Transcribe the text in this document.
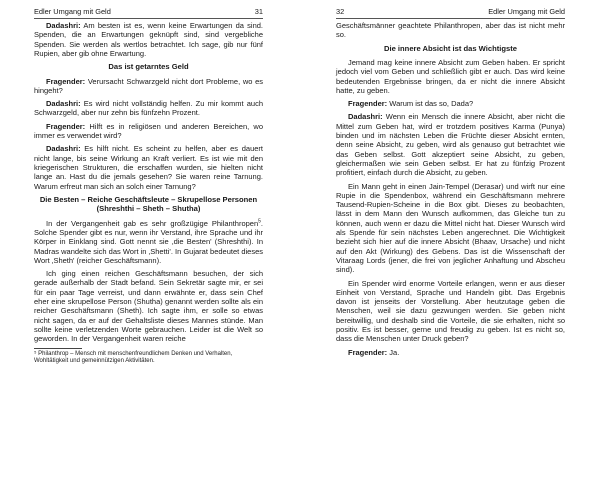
Edler Umgang mit Geld	31

Dadashri: Am besten ist es, wenn keine Erwartungen da sind. Spenden, die an Erwartungen geknüpft sind, sind vergebliche Spenden. Sie werden als wertlos betrachtet. Ich sage, gib nur fünf Rupien, aber gib ohne Erwartung.

Das ist getarntes Geld

Fragender: Verursacht Schwarzgeld nicht dort Probleme, wo es hingeht?

Dadashri: Es wird nicht vollständig helfen. Zu mir kommt auch Schwarzgeld, aber nur zehn bis fünfzehn Prozent.

Fragender: Hilft es in religiösen und anderen Bereichen, wo immer es verwendet wird?

Dadashri: Es hilft nicht. Es scheint zu helfen, aber es dauert nicht lange, bis seine Wirkung an Kraft verliert. Es ist wie mit den kriegerischen Strukturen, die erschaffen wurden, sie hielten nicht lange an. Hast du die jemals gesehen? Sie waren reine Tarnung. Warum erfreut man sich an solch einer Tarnung?

Die Besten – Reiche Geschäftsleute – Skrupellose Personen (Shreshthi – Sheth – Shutha)

In der Vergangenheit gab es sehr großzügige Philanthropen$^5$. Solche Spender gibt es nur, wenn ihr Verstand, ihre Sprache und ihr Körper in Einklang sind. Gott nennt sie ‚die Besten' (Shreshthi). In Madras wandelte sich das Wort in ‚Shetti'. In Gujarat bedeutet dieses Wort ‚Sheth' (reicher Geschäftsmann).

Ich ging einen reichen Geschäftsmann besuchen, der sich gerade außerhalb der Stadt befand. Sein Sekretär sagte mir, er sei für ein paar Tage verreist, und dann erwähnte er, dass sein Chef eher eine skrupellose Person (Shutha) genannt werden sollte als ein reicher Geschäftsmann (Sheth). Ich sagte ihm, er solle so etwas nicht sagen, da er auf der Gehaltsliste dieses Mannes stünde. Man sollte keine verletzenden Worte gebrauchen. Leider ist die Welt so geworden. In der Vergangenheit waren reiche

⁵ Philanthrop – Mensch mit menschenfreundlichem Denken und Verhalten, Wohltätigkeit und gemeinnützigen Aktivitäten.

32	Edler Umgang mit Geld

Geschäftsmänner geachtete Philanthropen, aber das ist nicht mehr so.

Die innere Absicht ist das Wichtigste

Jemand mag keine innere Absicht zum Geben haben. Er spricht jedoch viel vom Geben und schließlich gibt er auch. Das wird keine bedeutenden Ergebnisse bringen, da er nicht die innere Absicht hatte, zu geben.

Fragender: Warum ist das so, Dada?

Dadashri: Wenn ein Mensch die innere Absicht, aber nicht die Mittel zum Geben hat, wird er trotzdem positives Karma (Punya) binden und im nächsten Leben die Früchte dieser Absicht ernten, denn seine Absicht, zu geben, wird als genauso gut betrachtet wie das Geben selbst. Gott akzeptiert seine Absicht, zu geben, gleichermaßen wie sein Geben selbst. Er hat zu fünfzig Prozent profitiert, einfach durch die Absicht, zu geben.

Ein Mann geht in einen Jain-Tempel (Derasar) und wirft nur eine Rupie in die Spendenbox, während ein Geschäftsmann mehrere Tausend-Rupien-Scheine in die Box gibt. Dieses zu beobachten, lässt in dem Mann den Wunsch aufkommen, das Gleiche tun zu können, auch wenn er dazu die Mittel nicht hat. Dieser Wunsch wird als Spende für sein nächstes Leben angerechnet. Die Wichtigkeit bezieht sich hier auf die innere Absicht (Bhaav, Ursache) und nicht auf den Akt (Wirkung) des Gebens. Das ist die Wissenschaft der Vitaraag Lords (jener, die frei von jeglicher Anhaftung und Abscheu sind).

Ein Spender wird enorme Vorteile erlangen, wenn er aus dieser Einheit von Verstand, Sprache und Handeln gibt. Das Ergebnis davon ist jenseits der Vorstellung. Aber heutzutage geben die Menschen, weil sie dazu gezwungen werden. Sie geben nicht bereitwillig, und deshalb sind die Vorteile, die sie erhalten, nicht so positiv. Es ist besser, gerne und freudig zu geben. Ist es nicht so, dass die Menschen unter Druck geben?

Fragender: Ja.
